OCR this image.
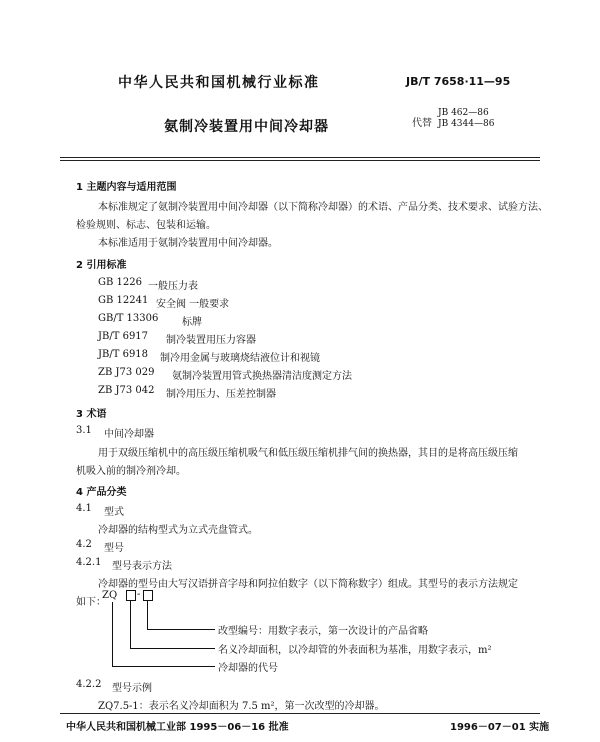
中华人民共和国机械行业标准	JB/T 7658·11—95
氨制冷装置用中间冷却器	代替
JB 462—86
JB 4344—86
1 主题内容与适用范围
本标准规定了氨制冷装置用中间冷却器（以下简称冷却器）的术语、产品分类、技术要求、试验方法、
检验规则、标志、包装和运输。
本标准适用于氨制冷装置用中间冷却器。
2 引用标准
GB 1226 一般压力表
GB 12241 安全阀 一般要求
GB/T 13306 标牌
JB/T 6917 制冷装置用压力容器
JB/T 6918 制冷用金属与玻璃烧结液位计和视镜
ZB J73 029 氨制冷装置用管式换热器清洁度测定方法
ZB J73 042 制冷用压力、压差控制器
3 术语
3.1 中间冷却器
用于双级压缩机中的高压级压缩机吸气和低压级压缩机排气间的换热器，其目的是将高压级压缩
机吸入前的制冷剂冷却。
4 产品分类
4.1 型式
冷却器的结构型式为立式壳盘管式。
4.2 型号
4.2.1 型号表示方法
冷却器的型号由大写汉语拼音字母和阿拉伯数字（以下简称数字）组成。其型号的表示方法规定
如下：
ZQ -
改型编号：用数字表示，第一次设计的产品省略
名义冷却面积，以冷却管的外表面积为基准，用数字表示，m²
冷却器的代号
4.2.2 型号示例
ZQ7.5-1：表示名义冷却面积为 7.5 m²，第一次改型的冷却器。
中华人民共和国机械工业部 1995－06－16 批准	1996－07－01 实施
